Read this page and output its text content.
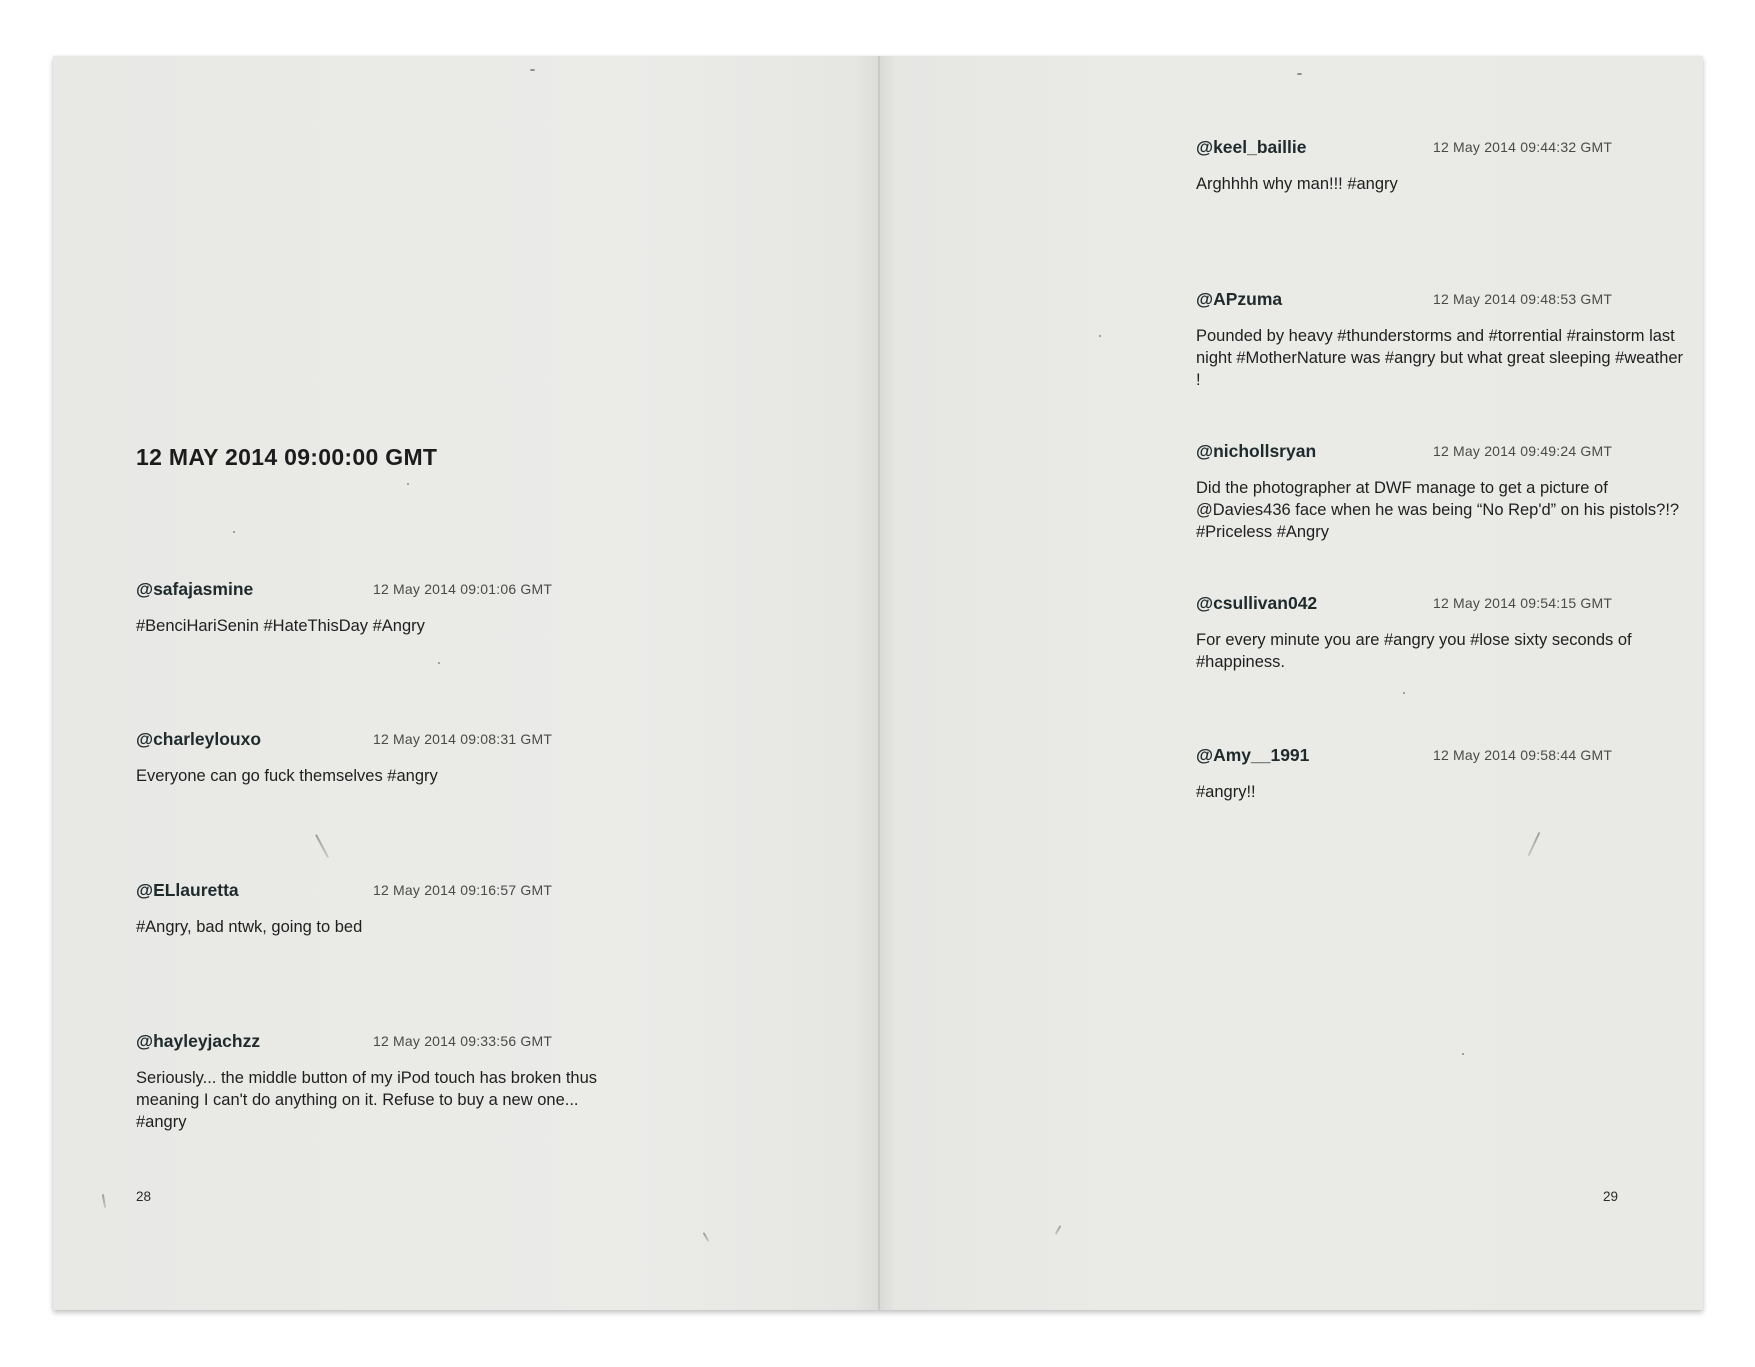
12 MAY 2014 09:00:00 GMT
@safajasmine	12 May 2014 09:01:06 GMT
#BenciHariSenin #HateThisDay #Angry
@charleylouxo	12 May 2014 09:08:31 GMT
Everyone can go fuck themselves #angry
@ELlauretta	12 May 2014 09:16:57 GMT
#Angry, bad ntwk, going to bed
@hayleyjachzz	12 May 2014 09:33:56 GMT
Seriously... the middle button of my iPod touch has broken thus meaning I can't do anything on it. Refuse to buy a new one... #angry
28
@keel_baillie	12 May 2014 09:44:32 GMT
Arghhhh why man!!! #angry
@APzuma	12 May 2014 09:48:53 GMT
Pounded by heavy #thunderstorms and #torrential #rainstorm last night #MotherNature was #angry but what great sleeping #weather !
@nichollsryan	12 May 2014 09:49:24 GMT
Did the photographer at DWF manage to get a picture of @Davies436 face when he was being “No Rep'd” on his pistols?!? #Priceless #Angry
@csullivan042	12 May 2014 09:54:15 GMT
For every minute you are #angry you #lose sixty seconds of #happiness.
@Amy__1991	12 May 2014 09:58:44 GMT
#angry!!
29
